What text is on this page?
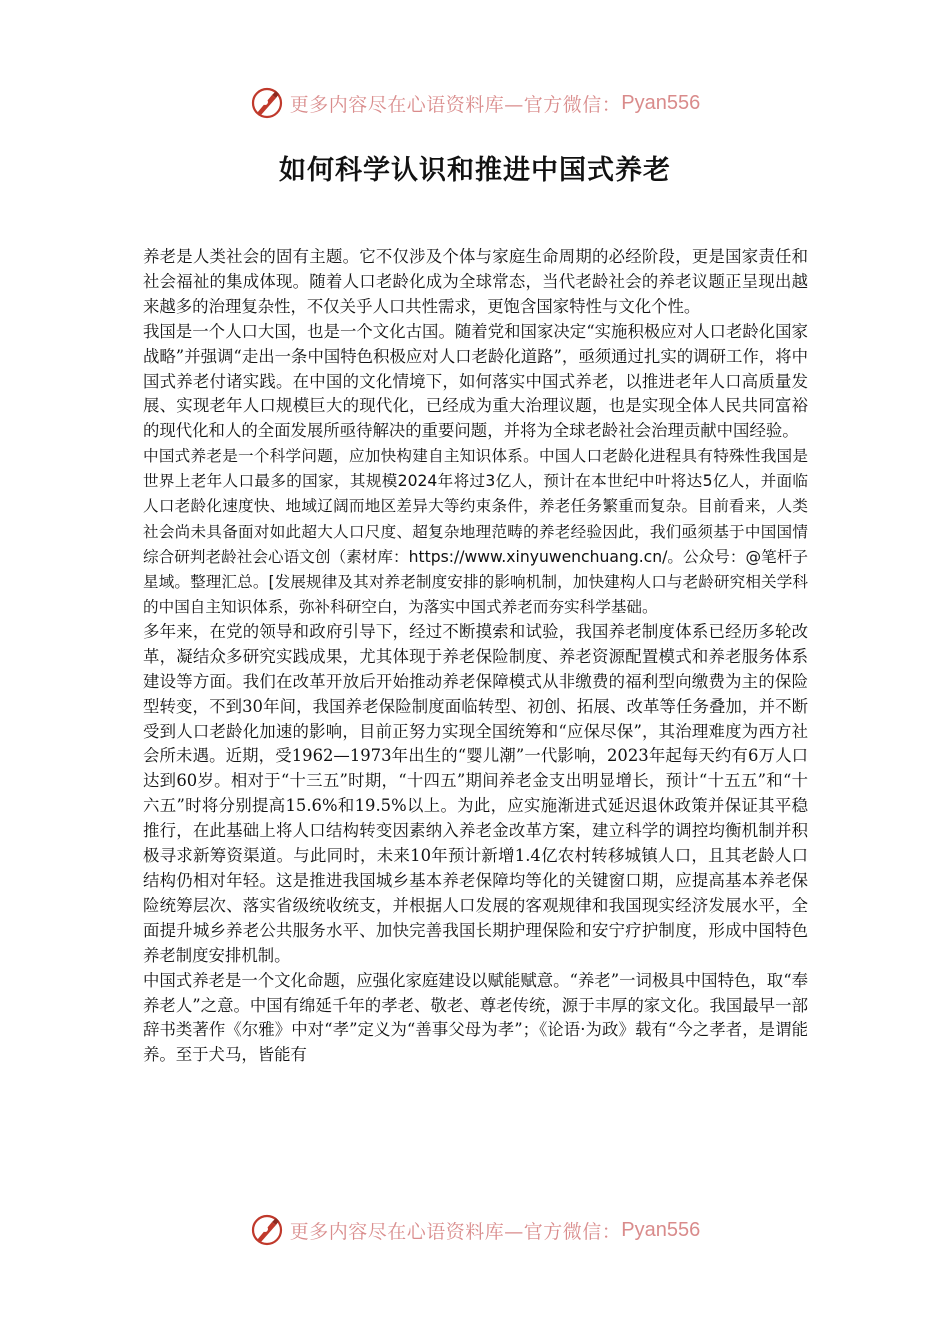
更多内容尽在心语资料库—官方微信： Pyan556
如何科学认识和推进中国式养老

养老是人类社会的固有主题。它不仅涉及个体与家庭生命周期的必经阶段，更是国家责任和社会福祉的集成体现。随着人口老龄化成为全球常态，当代老龄社会的养老议题正呈现出越来越多的治理复杂性，不仅关乎人口共性需求，更饱含国家特性与文化个性。

我国是一个人口大国，也是一个文化古国。随着党和国家决定“实施积极应对人口老龄化国家战略”并强调“走出一条中国特色积极应对人口老龄化道路”，亟须通过扎实的调研工作，将中国式养老付诸实践。在中国的文化情境下，如何落实中国式养老，以推进老年人口高质量发展、实现老年人口规模巨大的现代化，已经成为重大治理议题，也是实现全体人民共同富裕的现代化和人的全面发展所亟待解决的重要问题，并将为全球老龄社会治理贡献中国经验。

中国式养老是一个科学问题，应加快构建自主知识体系。中国人口老龄化进程具有特殊性我国是世界上老年人口最多的国家，其规模2024年将过3亿人，预计在本世纪中叶将达5亿人，并面临人口老龄化速度快、地域辽阔而地区差异大等约束条件，养老任务繁重而复杂。目前看来，人类社会尚未具备面对如此超大人口尺度、超复杂地理范畴的养老经验因此，我们亟须基于中国国情综合研判老龄社会心语文创（素材库：https://www.xinyuwenchuang.cn/。公众号：@笔杆子星域。整理汇总。[发展规律及其对养老制度安排的影响机制，加快建构人口与老龄研究相关学科的中国自主知识体系，弥补科研空白，为落实中国式养老而夯实科学基础。

多年来，在党的领导和政府引导下，经过不断摸索和试验，我国养老制度体系已经历多轮改革，凝结众多研究实践成果，尤其体现于养老保险制度、养老资源配置模式和养老服务体系建设等方面。我们在改革开放后开始推动养老保障模式从非缴费的福利型向缴费为主的保险型转变，不到30年间，我国养老保险制度面临转型、初创、拓展、改革等任务叠加，并不断受到人口老龄化加速的影响，目前正努力实现全国统筹和“应保尽保”，其治理难度为西方社会所未遇。近期，受1962—1973年出生的“婴儿潮”一代影响，2023年起每天约有6万人口达到60岁。相对于“十三五”时期，“十四五”期间养老金支出明显增长，预计“十五五”和“十六五”时将分别提高15.6%和19.5%以上。为此，应实施渐进式延迟退休政策并保证其平稳推行，在此基础上将人口结构转变因素纳入养老金改革方案，建立科学的调控均衡机制并积极寻求新筹资渠道。与此同时，未来10年预计新增1.4亿农村转移城镇人口，且其老龄人口结构仍相对年轻。这是推进我国城乡基本养老保障均等化的关键窗口期，应提高基本养老保险统筹层次、落实省级统收统支，并根据人口发展的客观规律和我国现实经济发展水平，全面提升城乡养老公共服务水平、加快完善我国长期护理保险和安宁疗护制度，形成中国特色养老制度安排机制。

中国式养老是一个文化命题，应强化家庭建设以赋能赋意。“养老”一词极具中国特色，取“奉养老人”之意。中国有绵延千年的孝老、敬老、尊老传统，源于丰厚的家文化。我国最早一部辞书类著作《尔雅》中对“孝”定义为“善事父母为孝”；《论语·为政》载有“今之孝者，是谓能养。至于犬马，皆能有

更多内容尽在心语资料库—官方微信： Pyan556
